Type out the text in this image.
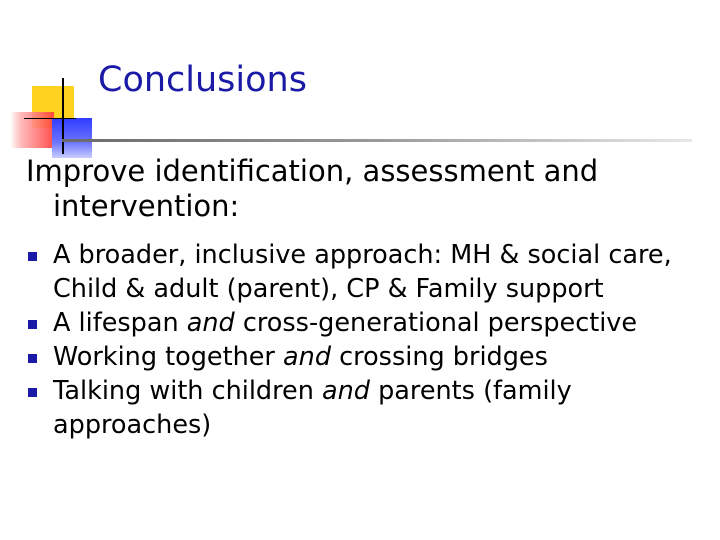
Conclusions
Improve identification, assessment and
intervention:
A broader, inclusive approach: MH & social care, Child & adult (parent), CP & Family support
A lifespan and cross-generational perspective
Working together and crossing bridges
Talking with children and parents (family approaches)
